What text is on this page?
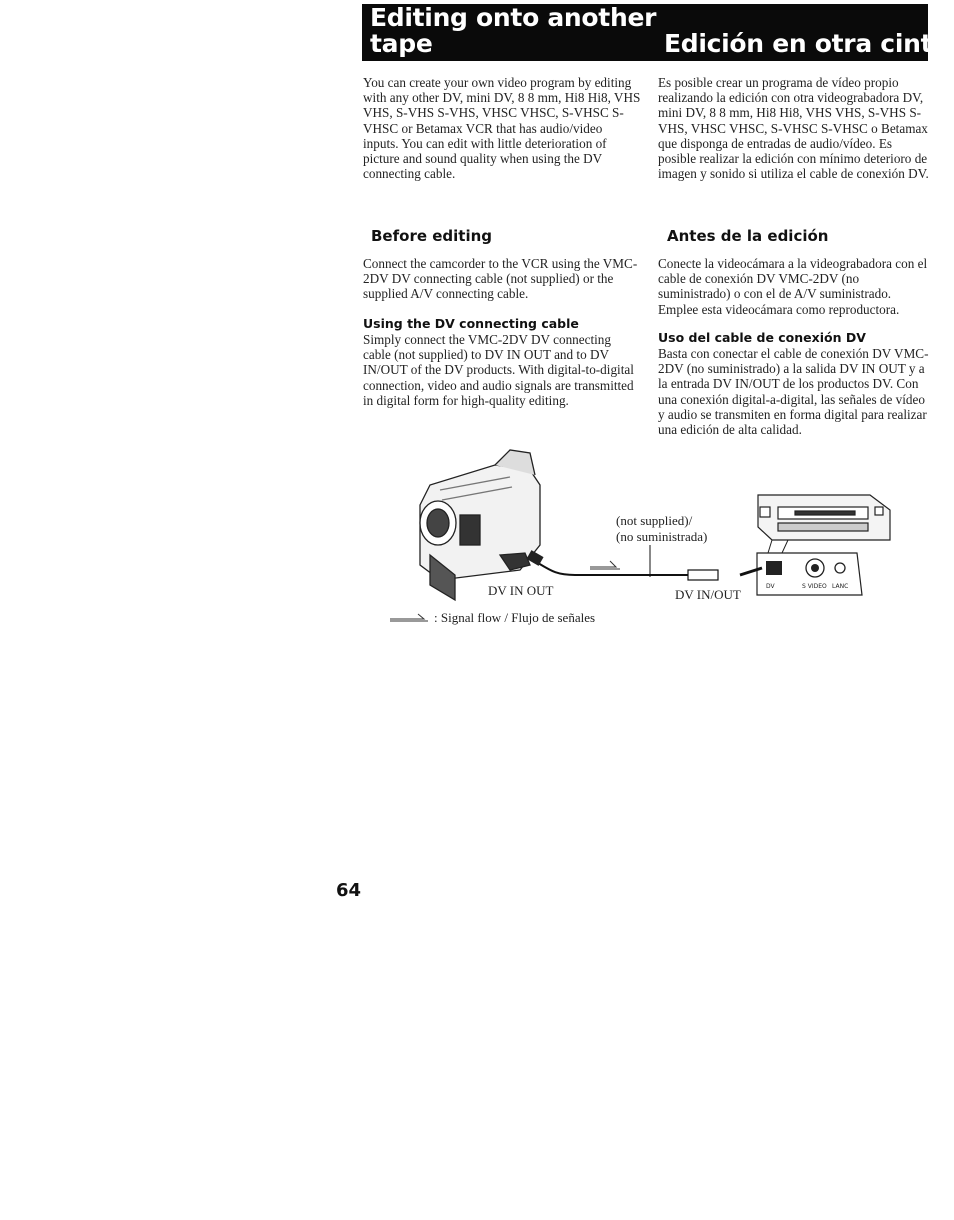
Editing onto another tape	Edición en otra cinta

You can create your own video program by editing with any other DV, mini DV, 8 8 mm, Hi8 Hi8, VHS VHS, S-VHS S-VHS, VHSC VHSC, S-VHSC S-VHSC or Betamax VCR that has audio/video inputs. You can edit with little deterioration of picture and sound quality when using the DV connecting cable.

Es posible crear un programa de vídeo propio realizando la edición con otra videograbadora DV, mini DV, 8 8 mm, Hi8 Hi8, VHS VHS, S-VHS S-VHS, VHSC VHSC, S-VHSC S-VHSC o Betamax que disponga de entradas de audio/vídeo. Es posible realizar la edición con mínimo deterioro de imagen y sonido si utiliza el cable de conexión DV.

Before editing	Antes de la edición

Connect the camcorder to the VCR using the VMC-2DV DV connecting cable (not supplied) or the supplied A/V connecting cable.

Conecte la videocámara a la videograbadora con el cable de conexión DV VMC-2DV (no suministrado) o con el de A/V suministrado. Emplee esta videocámara como reproductora.

Using the DV connecting cable
Uso del cable de conexión DV

Simply connect the VMC-2DV DV connecting cable (not supplied) to DV IN OUT and to DV IN/OUT of the DV products. With digital-to-digital connection, video and audio signals are transmitted in digital form for high-quality editing.

Basta con conectar el cable de conexión DV VMC-2DV (no suministrado) a la salida DV IN OUT y a la entrada DV IN/OUT de los productos DV. Con una conexión digital-a-digital, las señales de vídeo y audio se transmiten en forma digital para realizar una edición de alta calidad.

DV	S VIDEO LANC
(not supplied)/
(no suministrada)
DV IN OUT	DV IN/OUT
: Signal flow / Flujo de señales
64
